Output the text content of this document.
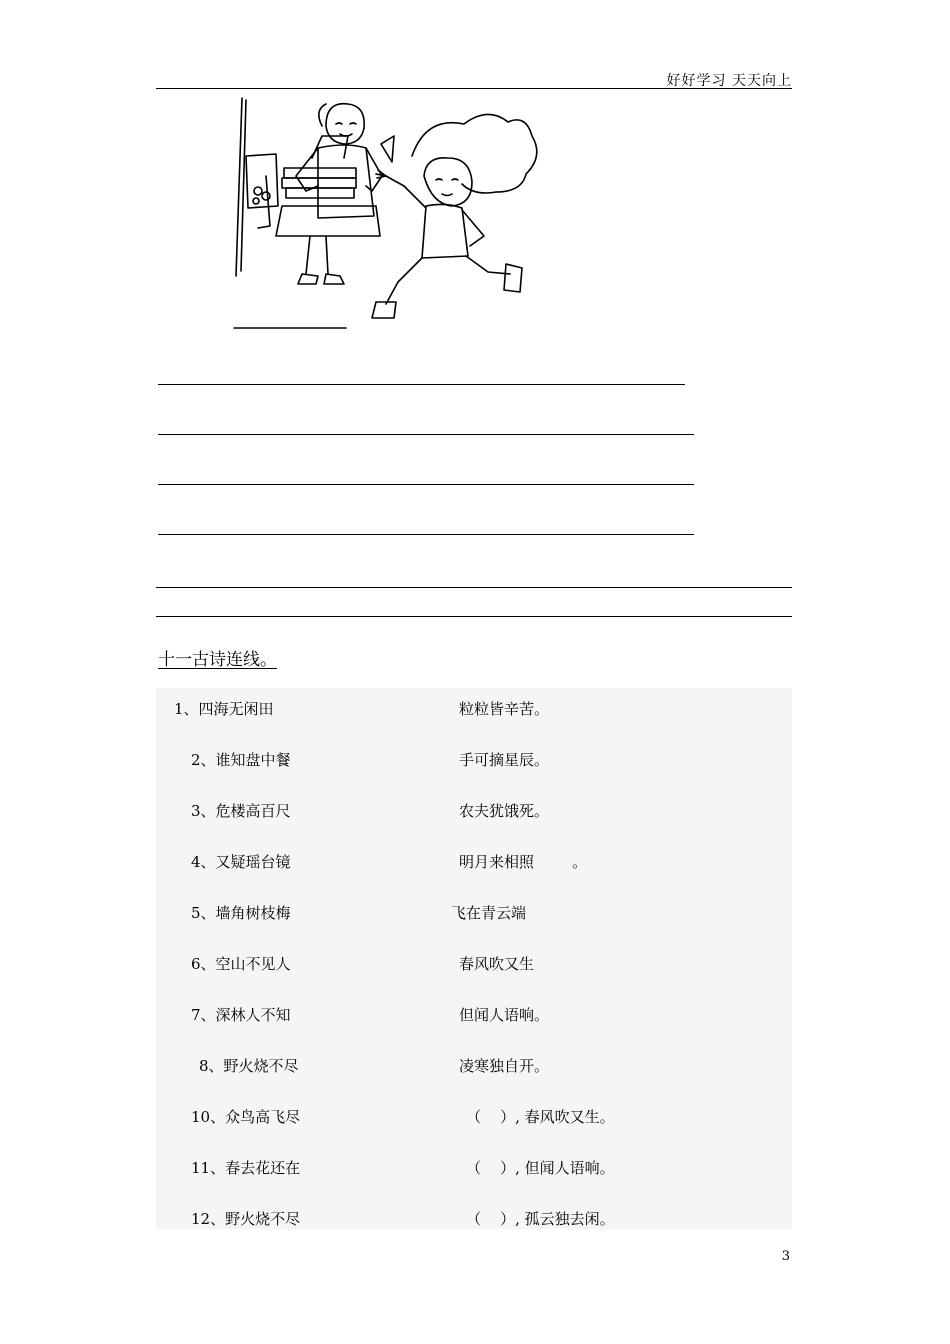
好好学习 天天向上
十一古诗连线。
1、四海无闲田	粒粒皆辛苦。
2、谁知盘中餐	手可摘星辰。
3、危楼高百尺	农夫犹饿死。
4、又疑瑶台镜	明月来相照        。
5、墙角树枝梅	飞在青云端
6、空山不见人	春风吹又生
7、深林人不知	但闻人语响。
8、野火烧不尽	凌寒独自开。
10、众鸟高飞尽	（    ）, 春风吹又生。
11、春去花还在	（    ）, 但闻人语响。
12、野火烧不尽	（    ）, 孤云独去闲。
3
